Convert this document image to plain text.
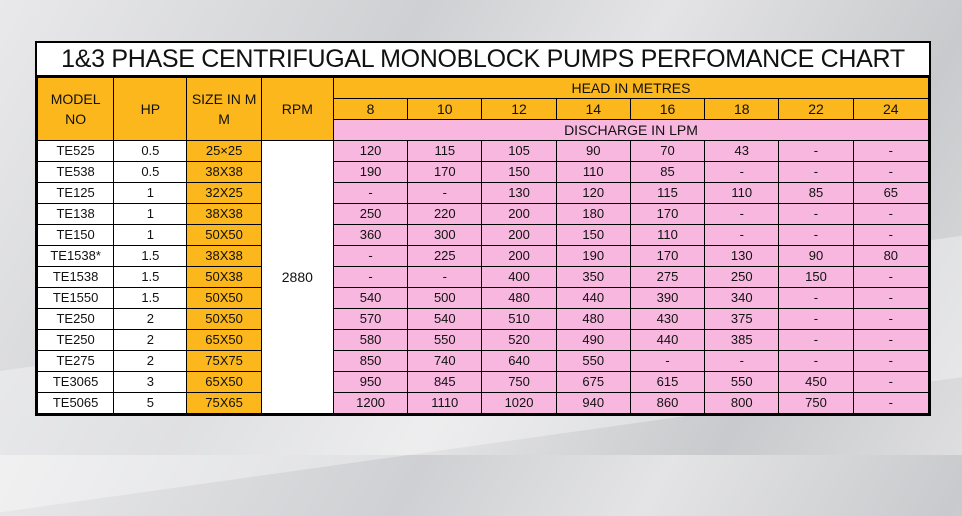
1&3 PHASE CENTRIFUGAL MONOBLOCK PUMPS PERFOMANCE CHART
MODEL NO	HP	SIZE IN M M	RPM	HEAD IN METRES							
				8	10	12	14	16	18	22	24
				DISCHARGE IN LPM							
TE525	0.5	25×25	2880	120	115	105	90	70	43	-	-
TE538	0.5	38X38		190	170	150	110	85	-	-	-
TE125	1	32X25		-	-	130	120	115	110	85	65
TE138	1	38X38		250	220	200	180	170	-	-	-
TE150	1	50X50		360	300	200	150	110	-	-	-
TE1538*	1.5	38X38		-	225	200	190	170	130	90	80
TE1538	1.5	50X38		-	-	400	350	275	250	150	-
TE1550	1.5	50X50		540	500	480	440	390	340	-	-
TE250	2	50X50		570	540	510	480	430	375	-	-
TE250	2	65X50		580	550	520	490	440	385	-	-
TE275	2	75X75		850	740	640	550	-	-	-	-
TE3065	3	65X50		950	845	750	675	615	550	450	-
TE5065	5	75X65		1200	1110	1020	940	860	800	750	-
